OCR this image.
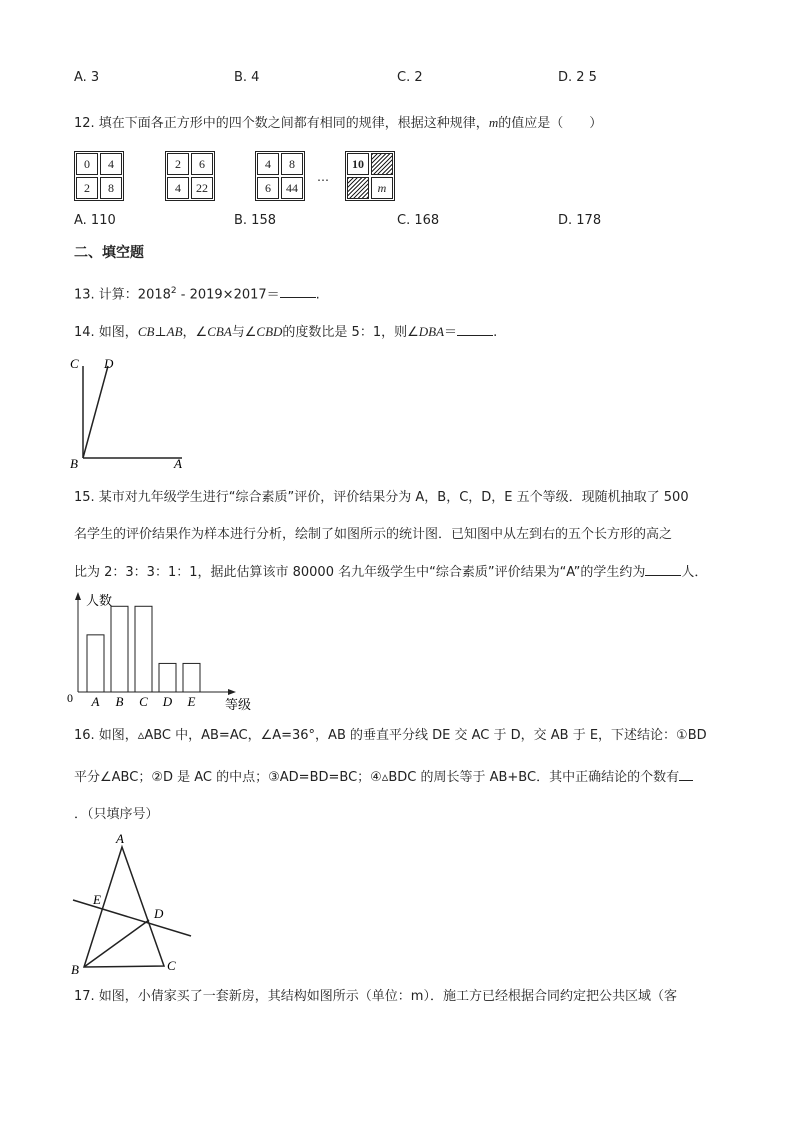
A. 3	B. 4	C. 2	D. 2 5
12. 填在下面各正方形中的四个数之间都有相同的规律，根据这种规律，m的值应是（　　）
0	4
2	8
2	6
4	22
4	8
6	44
…
10
m
A. 110	B. 158	C. 168	D. 178
二、填空题
13. 计算：2018$^2$ - 2019×2017＝	.
14. 如图，CB⊥AB，∠CBA与∠CBD的度数比是 5：1，则∠DBA＝	.
C D
B	A
15. 某市对九年级学生进行“综合素质”评价，评价结果分为 A，B，C，D，E 五个等级．现随机抽取了 500
名学生的评价结果作为样本进行分析，绘制了如图所示的统计图．已知图中从左到右的五个长方形的高之
比为 2：3：3：1：1，据此估算该市 80000 名九年级学生中“综合素质”评价结果为“A”的学生约为	人．
人数
等级
0 A B C D E
16. 如图，▵ABC 中，AB=AC，∠A=36°，AB 的垂直平分线 DE 交 AC 于 D，交 AB 于 E，下述结论：①BD
平分∠ABC；②D 是 AC 的中点；③AD=BD=BC；④▵BDC 的周长等于 AB+BC．其中正确结论的个数有
．（只填序号）
A
E
D
B	C
17. 如图，小倩家买了一套新房，其结构如图所示（单位：m）．施工方已经根据合同约定把公共区域（客
